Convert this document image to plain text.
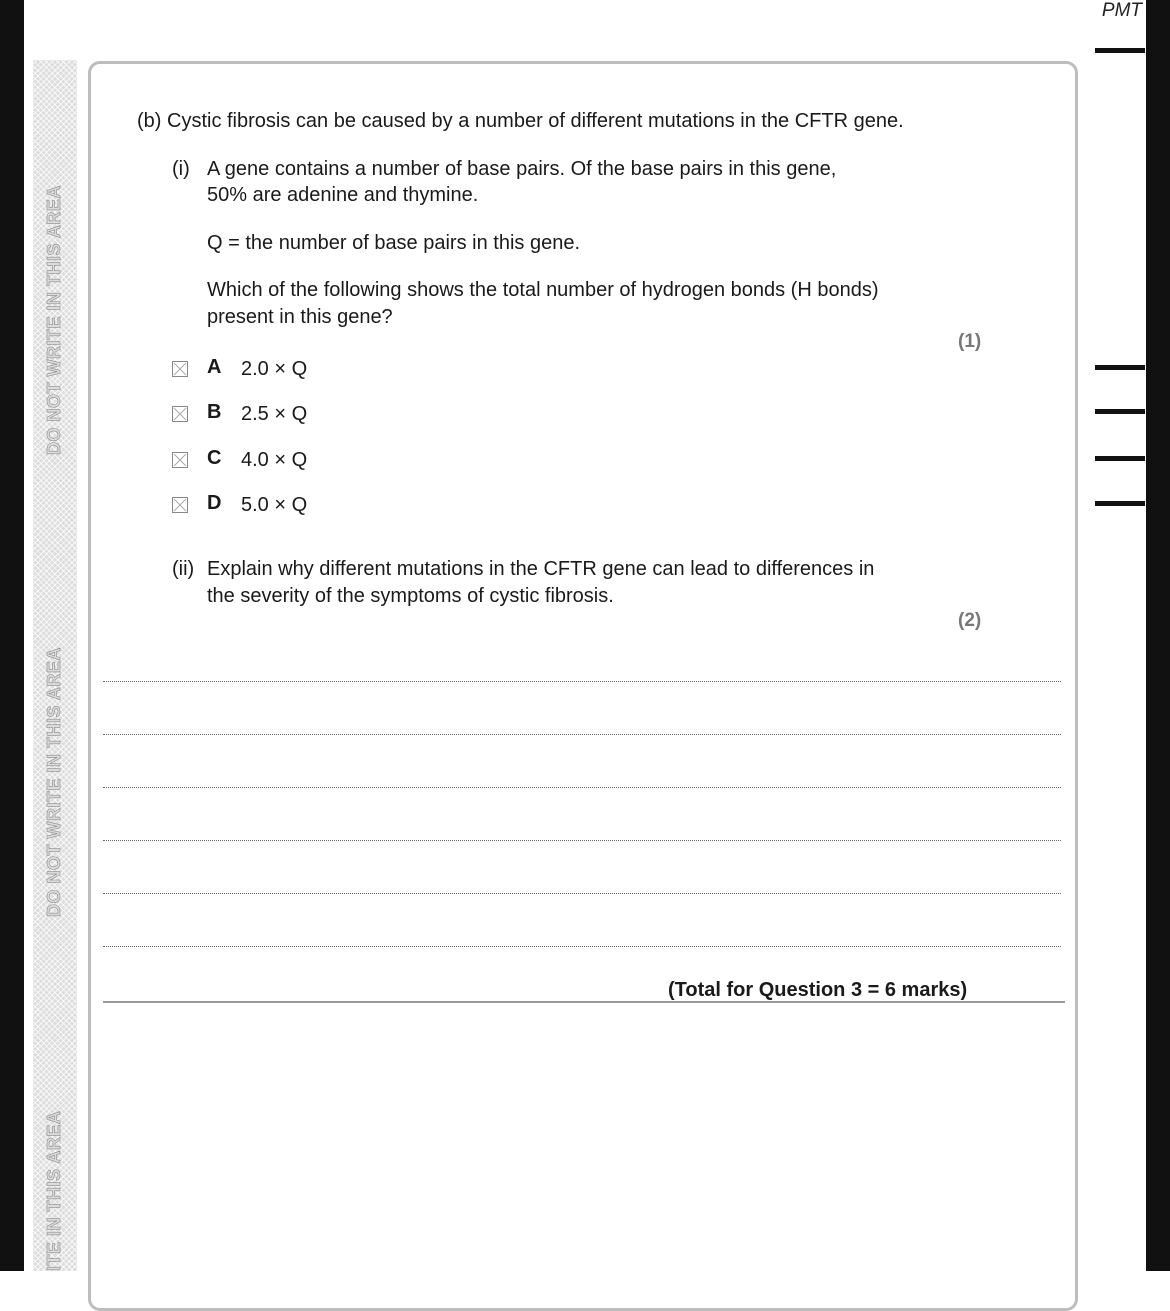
DO NOT WRITE IN THIS AREA
DO NOT WRITE IN THIS AREA
ITE IN THIS AREA
PMT
(b) Cystic fibrosis can be caused by a number of different mutations in the CFTR gene.
(i) A gene contains a number of base pairs. Of the base pairs in this gene,
50% are adenine and thymine.
Q = the number of base pairs in this gene.
Which of the following shows the total number of hydrogen bonds (H bonds)
present in this gene?
(1)
A 2.0 × Q
B 2.5 × Q
C 4.0 × Q
D 5.0 × Q
(ii) Explain why different mutations in the CFTR gene can lead to differences in
the severity of the symptoms of cystic fibrosis.
(2)
(Total for Question 3 = 6 marks)
